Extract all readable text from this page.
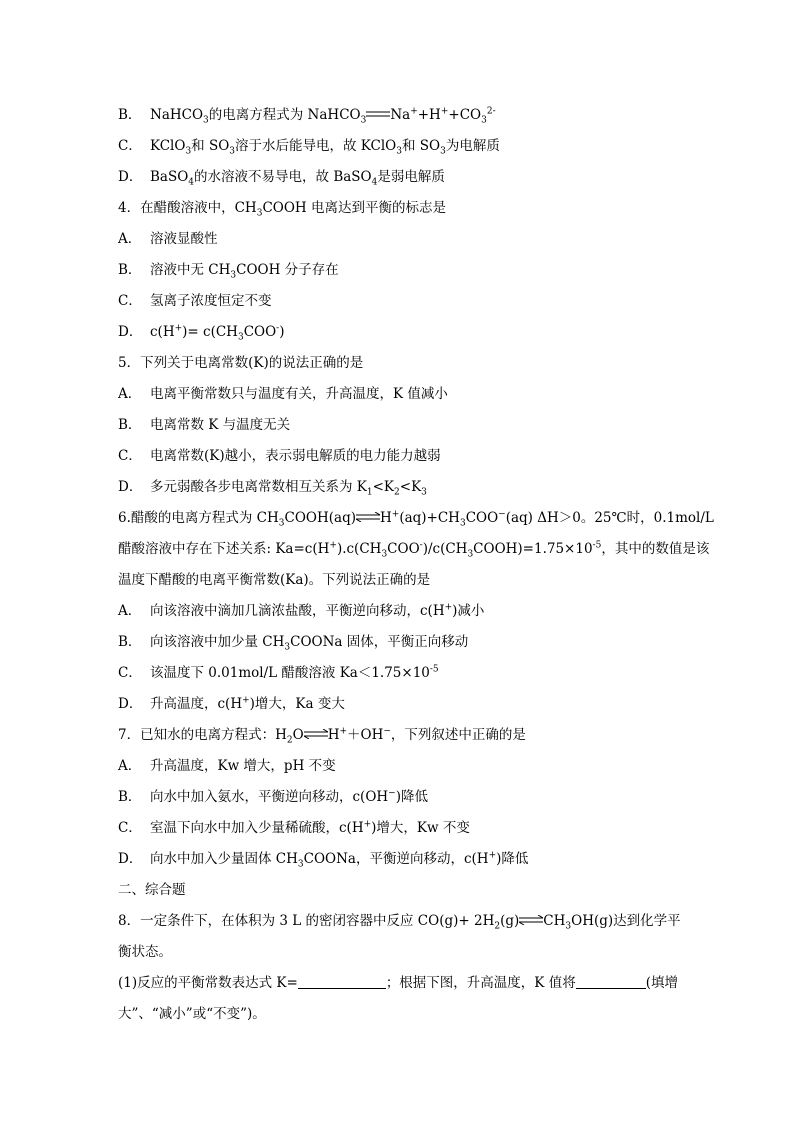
B． NaHCO$_3$的电离方程式为 NaHCO$_3$ $Na^++H^++CO_3^{2-}$
C． KClO$_3$和 $SO_3$溶于水后能导电，故 KClO$_3$和 $SO_3$为电解质
D． BaSO$_4$的水溶液不易导电，故 BaSO$_4$是弱电解质
4．在醋酸溶液中，$CH_3COOH$ 电离达到平衡的标志是
A． 溶液显酸性
B． 溶液中无 $CH_3COOH$ 分子存在
C． 氢离子浓度恒定不变
D． $c(H^+)= c(CH_3COO^-)$
5．下列关于电离常数(K)的说法正确的是
A． 电离平衡常数只与温度有关，升高温度，K 值减小
B． 电离常数 K 与温度无关
C． 电离常数(K)越小，表示弱电解质的电力能力越弱
D． 多元弱酸各步电离常数相互关系为 $K_1<K_2<K_3$
6.醋酸的电离方程式为 $CH_3COOH(aq)\rightleftharpoons H^+(aq)+CH_3COO^-(aq)$ ΔH＞0。25℃时，0.1mol/L
醋酸溶液中存在下述关系: $Ka=c(H^+).c(CH_3COO^-)/c(CH_3COOH)=1.75\times 10^{-5}$，其中的数值是该
温度下醋酸的电离平衡常数(Ka)。下列说法正确的是
A． 向该溶液中滴加几滴浓盐酸，平衡逆向移动，c(H+)减小
B． 向该溶液中加少量 $CH_3COONa$ 固体，平衡正向移动
C． 该温度下 0.01mol/L 醋酸溶液 $Ka<1.75\times 10^{-5}$
D． 升高温度，c(H+)增大，Ka 变大
7．已知水的电离方程式：$H_2O\rightleftharpoons H^++OH^-$，下列叙述中正确的是
A． 升高温度，Kw 增大，pH 不变
B． 向水中加入氨水，平衡逆向移动，c(OH−)降低
C． 室温下向水中加入少量稀硫酸，c(H+)增大，Kw 不变
D． 向水中加入少量固体 $CH_3COONa$，平衡逆向移动，c(H+)降低
二、综合题
8．一定条件下，在体积为 3 L 的密闭容器中反应 $CO(g)+ 2H_2(g)\rightleftharpoons CH_3OH(g)$达到化学平
衡状态。
(1)反应的平衡常数表达式 K=	；根据下图，升高温度，K 值将	(填增
大”、“减小”或“不变”)。
